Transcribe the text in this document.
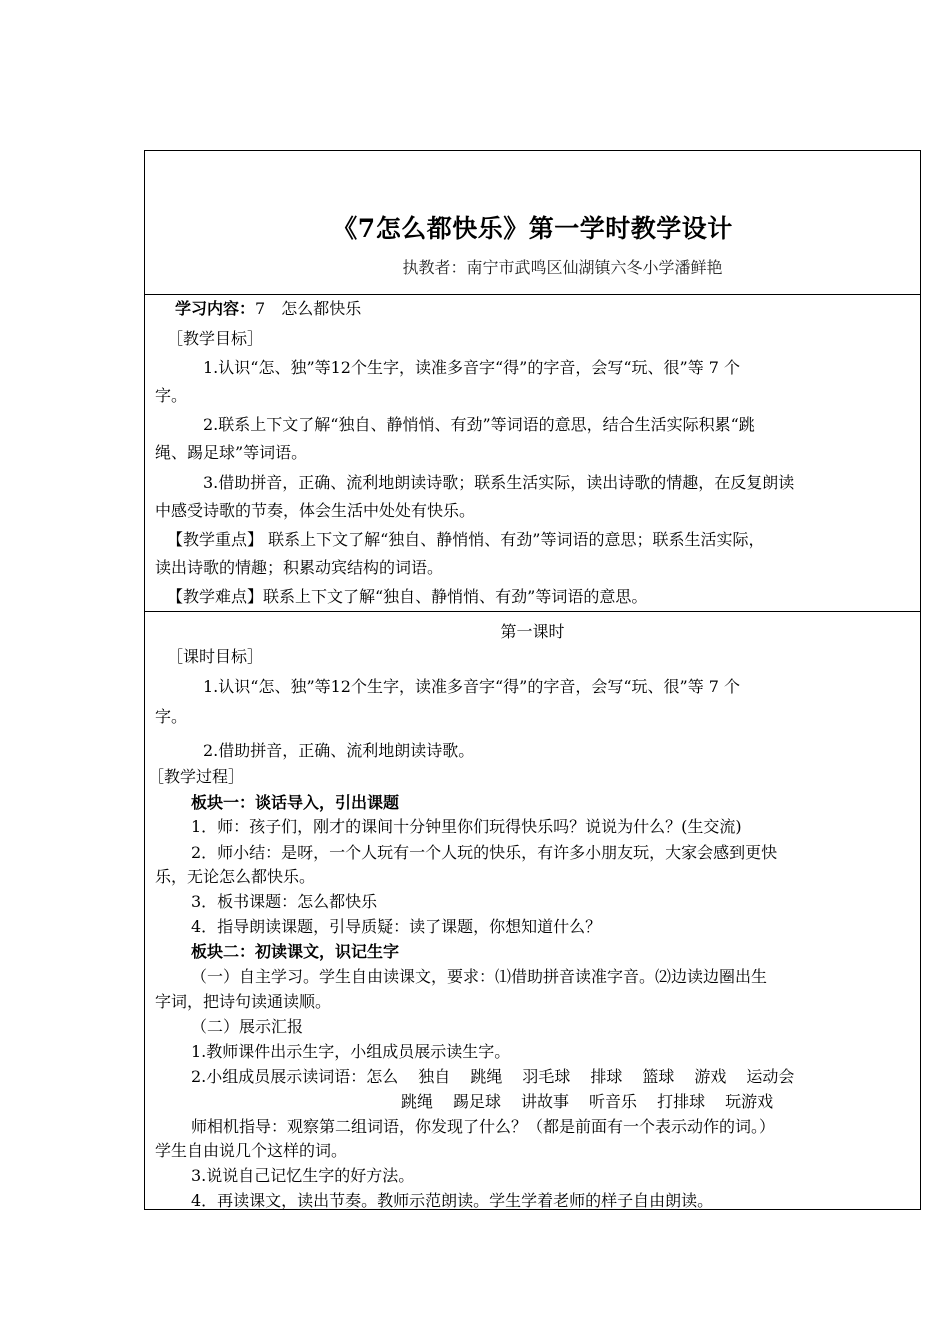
《7怎么都快乐》第一学时教学设计
执教者：南宁市武鸣区仙湖镇六冬小学潘鲜艳
学习内容：7　怎么都快乐
［教学目标］
1.认识“怎、独”等12个生字，读准多音字“得”的字音，会写“玩、很”等 7 个
字。
2.联系上下文了解“独自、静悄悄、有劲”等词语的意思，结合生活实际积累“跳
绳、踢足球”等词语。
3.借助拼音，正确、流利地朗读诗歌；联系生活实际，读出诗歌的情趣，在反复朗读
中感受诗歌的节奏，体会生活中处处有快乐。
【教学重点】 联系上下文了解“独自、静悄悄、有劲”等词语的意思；联系生活实际，
读出诗歌的情趣；积累动宾结构的词语。
【教学难点】联系上下文了解“独自、静悄悄、有劲”等词语的意思。
第一课时
［课时目标］
1.认识“怎、独”等12个生字，读准多音字“得”的字音，会写“玩、很”等 7 个
字。
2.借助拼音，正确、流利地朗读诗歌。
［教学过程］
板块一：谈话导入，引出课题
1．师：孩子们，刚才的课间十分钟里你们玩得快乐吗？说说为什么？(生交流)
2．师小结：是呀，一个人玩有一个人玩的快乐，有许多小朋友玩，大家会感到更快
乐，无论怎么都快乐。
3．板书课题：怎么都快乐
4．指导朗读课题，引导质疑：读了课题，你想知道什么？
板块二：初读课文，识记生字
（一）自主学习。学生自由读课文，要求：⑴借助拼音读准字音。⑵边读边圈出生
字词，把诗句读通读顺。
（二）展示汇报
1.教师课件出示生字，小组成员展示读生字。
2.小组成员展示读词语：怎么 独自 跳绳 羽毛球 排球 篮球 游戏 运动会
跳绳 踢足球 讲故事 听音乐 打排球 玩游戏
师相机指导：观察第二组词语，你发现了什么？（都是前面有一个表示动作的词。）
学生自由说几个这样的词。
3.说说自己记忆生字的好方法。
4．再读课文，读出节奏。教师示范朗读。学生学着老师的样子自由朗读。
